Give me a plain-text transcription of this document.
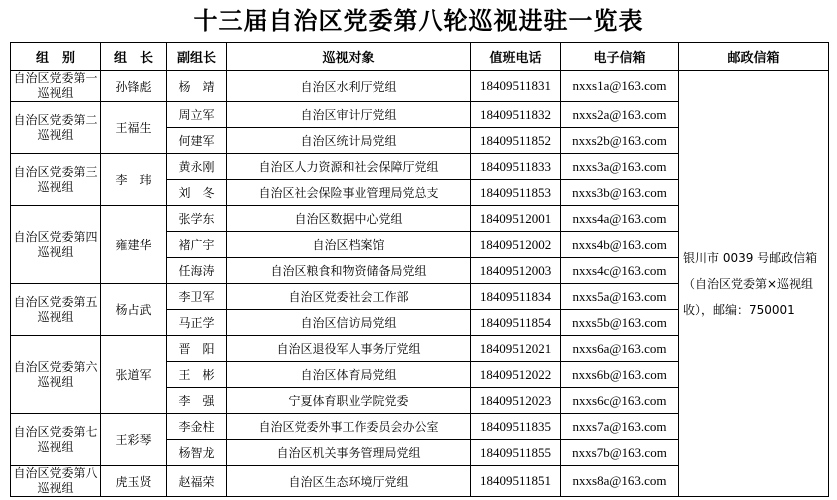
十三届自治区党委第八轮巡视进驻一览表
组　别	组　长	副组长	巡视对象	值班电话	电子信箱	邮政信箱
自治区党委第一巡视组	孙锋彪	杨　靖	自治区水利厅党组	18409511831	nxxs1a@163.com	银川市 0039 号邮政信箱（自治区党委第×巡视组收），邮编：750001
自治区党委第二巡视组	王福生	周立军	自治区审计厅党组	18409511832	nxxs2a@163.com	
		何建军	自治区统计局党组	18409511852	nxxs2b@163.com	
自治区党委第三巡视组	李　玮	黄永刚	自治区人力资源和社会保障厅党组	18409511833	nxxs3a@163.com	
		刘　冬	自治区社会保险事业管理局党总支	18409511853	nxxs3b@163.com	
自治区党委第四巡视组	雍建华	张学东	自治区数据中心党组	18409512001	nxxs4a@163.com	
		褚广宇	自治区档案馆	18409512002	nxxs4b@163.com	
		任海涛	自治区粮食和物资储备局党组	18409512003	nxxs4c@163.com	
自治区党委第五巡视组	杨占武	李卫军	自治区党委社会工作部	18409511834	nxxs5a@163.com	
		马正学	自治区信访局党组	18409511854	nxxs5b@163.com	
自治区党委第六巡视组	张道军	晋　阳	自治区退役军人事务厅党组	18409512021	nxxs6a@163.com	
		王　彬	自治区体育局党组	18409512022	nxxs6b@163.com	
		李　强	宁夏体育职业学院党委	18409512023	nxxs6c@163.com	
自治区党委第七巡视组	王彩琴	李金柱	自治区党委外事工作委员会办公室	18409511835	nxxs7a@163.com	
		杨智龙	自治区机关事务管理局党组	18409511855	nxxs7b@163.com	
自治区党委第八巡视组	虎玉贤	赵福荣	自治区生态环境厅党组	18409511851	nxxs8a@163.com	
